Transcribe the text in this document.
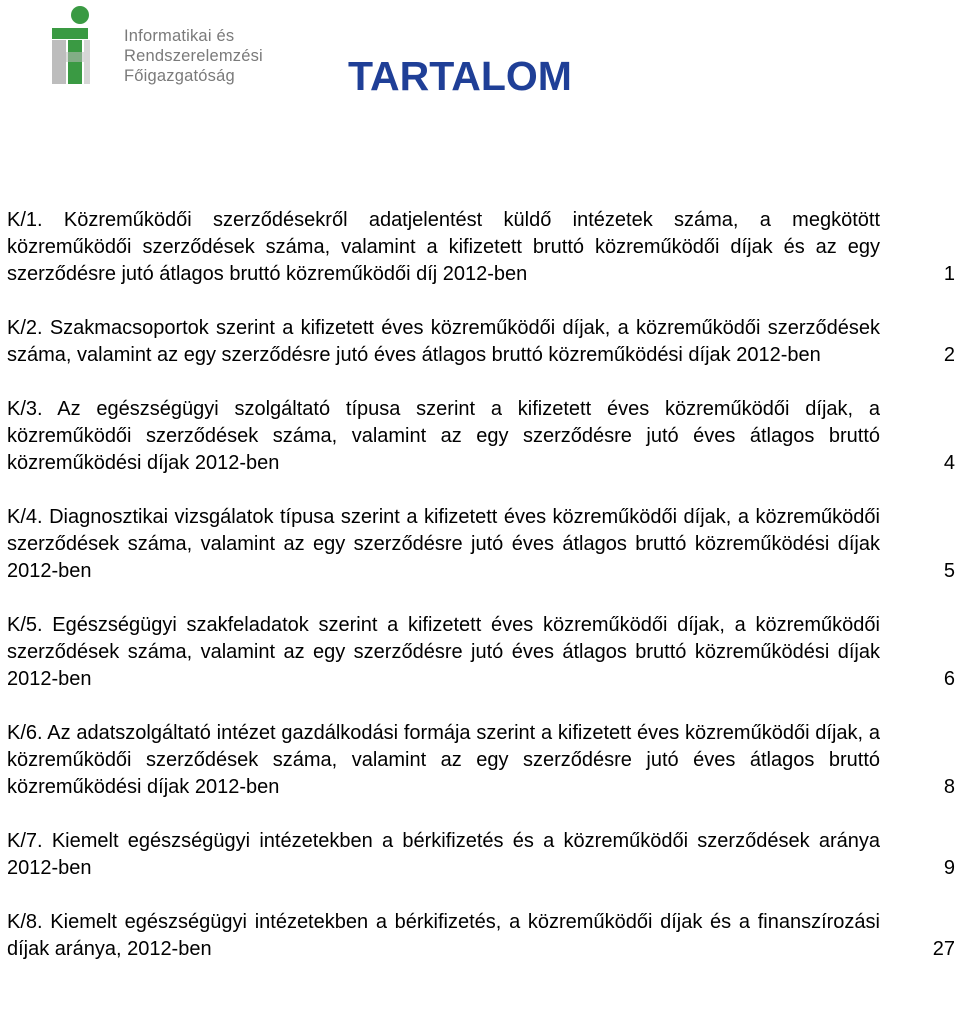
Informatikai és
Rendszerelemzési
Főigazgatóság	TARTALOM
K/1. Közreműködői szerződésekről adatjelentést küldő intézetek száma, a megkötött közreműködői szerződések száma, valamint a kifizetett bruttó közreműködői díjak és az egy szerződésre jutó átlagos bruttó közreműködői díj 2012-ben	1
K/2. Szakmacsoportok szerint a kifizetett éves közreműködői díjak, a közreműködői szerződések száma, valamint az egy szerződésre jutó éves átlagos bruttó közreműködési díjak 2012-ben	2
K/3. Az egészségügyi szolgáltató típusa szerint a kifizetett éves közreműködői díjak, a közreműködői szerződések száma, valamint az egy szerződésre jutó éves átlagos bruttó közreműködési díjak 2012-ben	4
K/4. Diagnosztikai vizsgálatok típusa szerint a kifizetett éves közreműködői díjak, a közreműködői szerződések száma, valamint az egy szerződésre jutó éves átlagos bruttó közreműködési díjak 2012-ben	5
K/5. Egészségügyi szakfeladatok szerint a kifizetett éves közreműködői díjak, a közreműködői szerződések száma, valamint az egy szerződésre jutó éves átlagos bruttó közreműködési díjak 2012-ben	6
K/6. Az adatszolgáltató intézet gazdálkodási formája szerint a kifizetett éves közreműködői díjak, a közreműködői szerződések száma, valamint az egy szerződésre jutó éves átlagos bruttó közreműködési díjak 2012-ben	8
K/7. Kiemelt egészségügyi intézetekben a bérkifizetés és a közreműködői szerződések aránya 2012-ben	9
K/8. Kiemelt egészségügyi intézetekben a bérkifizetés, a közreműködői díjak és a finanszírozási díjak aránya, 2012-ben	27
